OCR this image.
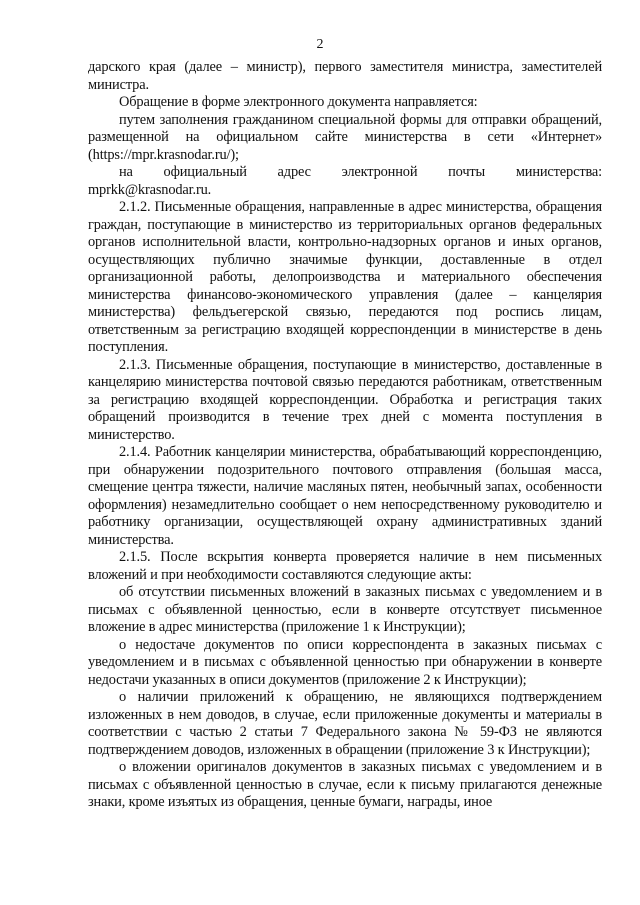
2

дарского края (далее – министр), первого заместителя министра, заместителей министра.

Обращение в форме электронного документа направляется:

путем заполнения гражданином специальной формы для отправки обращений, размещенной на официальном сайте министерства в сети «Интернет» (https://mpr.krasnodar.ru/);

на официальный адрес электронной почты министерства:

mprkk@krasnodar.ru.

2.1.2. Письменные обращения, направленные в адрес министерства, обращения граждан, поступающие в министерство из территориальных органов федеральных органов исполнительной власти, контрольно-надзорных органов и иных органов, осуществляющих публично значимые функции, доставленные в отдел организационной работы, делопроизводства и материального обеспечения министерства финансово-экономического управления (далее – канцелярия министерства) фельдъегерской связью, передаются под роспись лицам, ответственным за регистрацию входящей корреспонденции в министерстве в день поступления.

2.1.3. Письменные обращения, поступающие в министерство, доставленные в канцелярию министерства почтовой связью передаются работникам, ответственным за регистрацию входящей корреспонденции. Обработка и регистрация таких обращений производится в течение трех дней с момента поступления в министерство.

2.1.4. Работник канцелярии министерства, обрабатывающий корреспонденцию, при обнаружении подозрительного почтового отправления (большая масса, смещение центра тяжести, наличие масляных пятен, необычный запах, особенности оформления) незамедлительно сообщает о нем непосредственному руководителю и работнику организации, осуществляющей охрану административных зданий министерства.

2.1.5. После вскрытия конверта проверяется наличие в нем письменных вложений и при необходимости составляются следующие акты:

об отсутствии письменных вложений в заказных письмах с уведомлением и в письмах с объявленной ценностью, если в конверте отсутствует письменное вложение в адрес министерства (приложение 1 к Инструкции);

о недостаче документов по описи корреспондента в заказных письмах с уведомлением и в письмах с объявленной ценностью при обнаружении в конверте недостачи указанных в описи документов (приложение 2 к Инструкции);

о наличии приложений к обращению, не являющихся подтверждением изложенных в нем доводов, в случае, если приложенные документы и материалы в соответствии с частью 2 статьи 7 Федерального закона № 59-ФЗ не являются подтверждением доводов, изложенных в обращении (приложение 3 к Инструкции);

о вложении оригиналов документов в заказных письмах с уведомлением и в письмах с объявленной ценностью в случае, если к письму прилагаются денежные знаки, кроме изъятых из обращения, ценные бумаги, награды, иное
